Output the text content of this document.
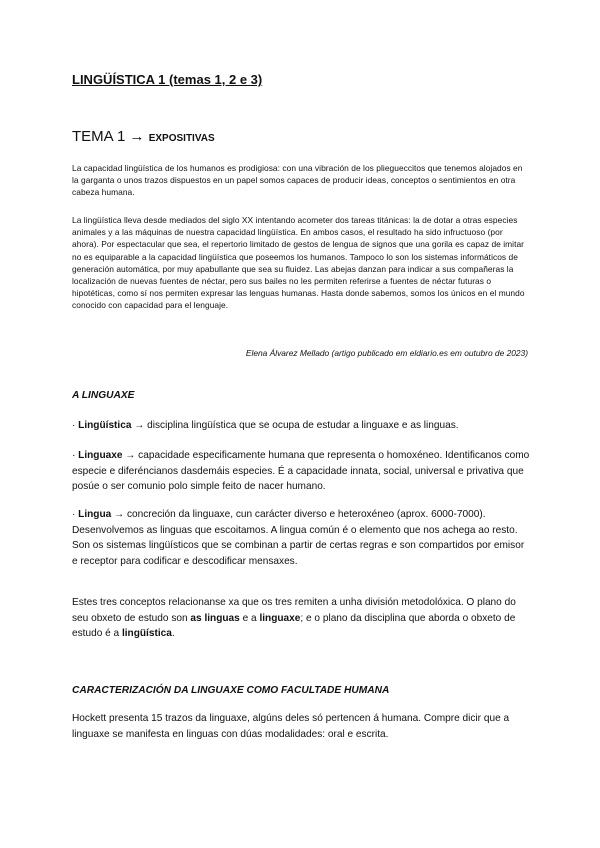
LINGÜÍSTICA 1 (temas 1, 2 e 3)
TEMA 1 → EXPOSITIVAS

La capacidad lingüística de los humanos es prodigiosa: con una vibración de los pliegueccitos que tenemos alojados en la garganta o unos trazos dispuestos en un papel somos capaces de producir ideas, conceptos o sentimientos en otra cabeza humana.

La lingüística lleva desde mediados del siglo XX intentando acometer dos tareas titánicas: la de dotar a otras especies animales y a las máquinas de nuestra capacidad lingüística. En ambos casos, el resultado ha sido infructuoso (por ahora). Por espectacular que sea, el repertorio limitado de gestos de lengua de signos que una gorila es capaz de imitar no es equiparable a la capacidad lingüística que poseemos los humanos. Tampoco lo son los sistemas informáticos de generación automática, por muy apabullante que sea su fluidez. Las abejas danzan para indicar a sus compañeras la localización de nuevas fuentes de néctar, pero sus bailes no les permiten referirse a fuentes de néctar futuras o hipotéticas, como sí nos permiten expresar las lenguas humanas. Hasta donde sabemos, somos los únicos en el mundo conocido con capacidad para el lenguaje.

Elena Álvarez Mellado (artigo publicado em eldiario.es em outubro de 2023)

A LINGUAXE

· Lingüística → disciplina lingüística que se ocupa de estudar a linguaxe e as linguas.

· Linguaxe → capacidade especificamente humana que representa o homoxéneo. Identificanos como especie e diferéncianos dasdemáis especies. É a capacidade innata, social, universal e privativa que posúe o ser comunio polo simple feito de nacer humano.

· Lingua → concreción da linguaxe, cun carácter diverso e heteroxéneo (aprox. 6000-7000). Desenvolvemos as linguas que escoitamos. A lingua común é o elemento que nos achega ao resto. Son os sistemas lingüísticos que se combinan a partir de certas regras e son compartidos por emisor e receptor para codificar e descodificar mensaxes.

Estes tres conceptos relacionanse xa que os tres remiten a unha división metodolóxica. O plano do seu obxeto de estudo son as linguas e a linguaxe; e o plano da disciplina que aborda o obxeto de estudo é a lingüística.

CARACTERIZACIÓN DA LINGUAXE COMO FACULTADE HUMANA

Hockett presenta 15 trazos da linguaxe, algúns deles só pertencen á humana. Compre dicir que a linguaxe se manifesta en linguas con dúas modalidades: oral e escrita.
